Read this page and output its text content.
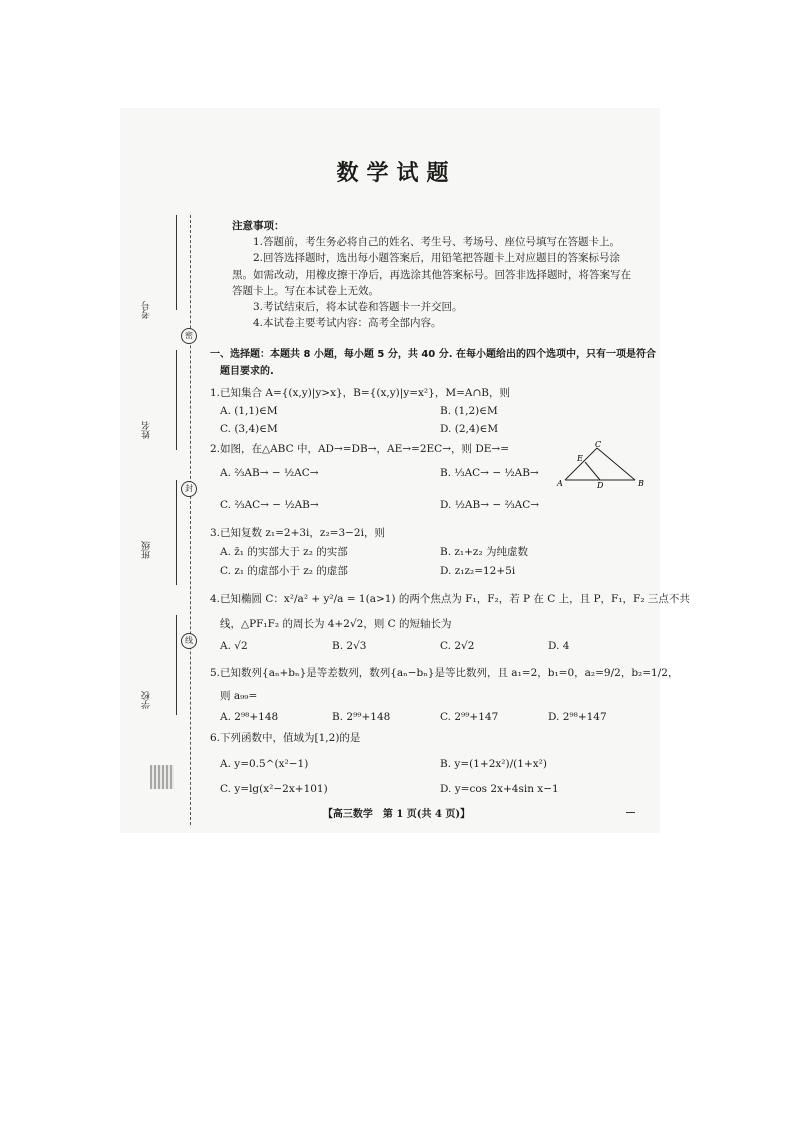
考号
姓名
班级
学校
密
封
线
数学试题
注意事项：
1.答题前，考生务必将自己的姓名、考生号、考场号、座位号填写在答题卡上。
2.回答选择题时，选出每小题答案后，用铅笔把答题卡上对应题目的答案标号涂
黑。如需改动，用橡皮擦干净后，再选涂其他答案标号。回答非选择题时，将答案写在
答题卡上。写在本试卷上无效。
3.考试结束后，将本试卷和答题卡一并交回。
4.本试卷主要考试内容：高考全部内容。
一、选择题：本题共 8 小题，每小题 5 分，共 40 分. 在每小题给出的四个选项中，只有一项是符合
题目要求的.
1.已知集合 A={(x,y)|y>x}，B={(x,y)|y=x²}，M=A∩B，则
A. (1,1)∈M	B. (1,2)∈M
C. (3,4)∈M	D. (2,4)∈M
2.如图，在△ABC 中，AD→=DB→，AE→=2EC→，则 DE→=
A. ⅔AB→ − ½AC→	B. ⅓AC→ − ½AB→
C. ⅔AC→ − ½AB→	D. ½AB→ − ⅔AC→
A	B
C
D
E
3.已知复数 z₁=2+3i，z₂=3−2i，则
A. z̄₁ 的实部大于 z₂ 的实部	B. z₁+z₂ 为纯虚数
C. z₁ 的虚部小于 z₂ 的虚部	D. z₁z₂=12+5i
4.已知椭圆 C：x²/a² + y²/a = 1(a>1) 的两个焦点为 F₁，F₂，若 P 在 C 上，且 P，F₁，F₂ 三点不共
线，△PF₁F₂ 的周长为 4+2√2，则 C 的短轴长为
A. √2	B. 2√3	C. 2√2	D. 4
5.已知数列{aₙ+bₙ}是等差数列，数列{aₙ−bₙ}是等比数列，且 a₁=2，b₁=0，a₂=9/2，b₂=1/2，
则 a₉₉=
A. 2⁹⁸+148	B. 2⁹⁹+148	C. 2⁹⁹+147	D. 2⁹⁸+147
6.下列函数中，值域为[1,2)的是
A. y=0.5^(x²−1)	B. y=(1+2x²)/(1+x²)
C. y=lg(x²−2x+101)	D. y=cos 2x+4sin x−1
【高三数学　第 1 页(共 4 页)】
